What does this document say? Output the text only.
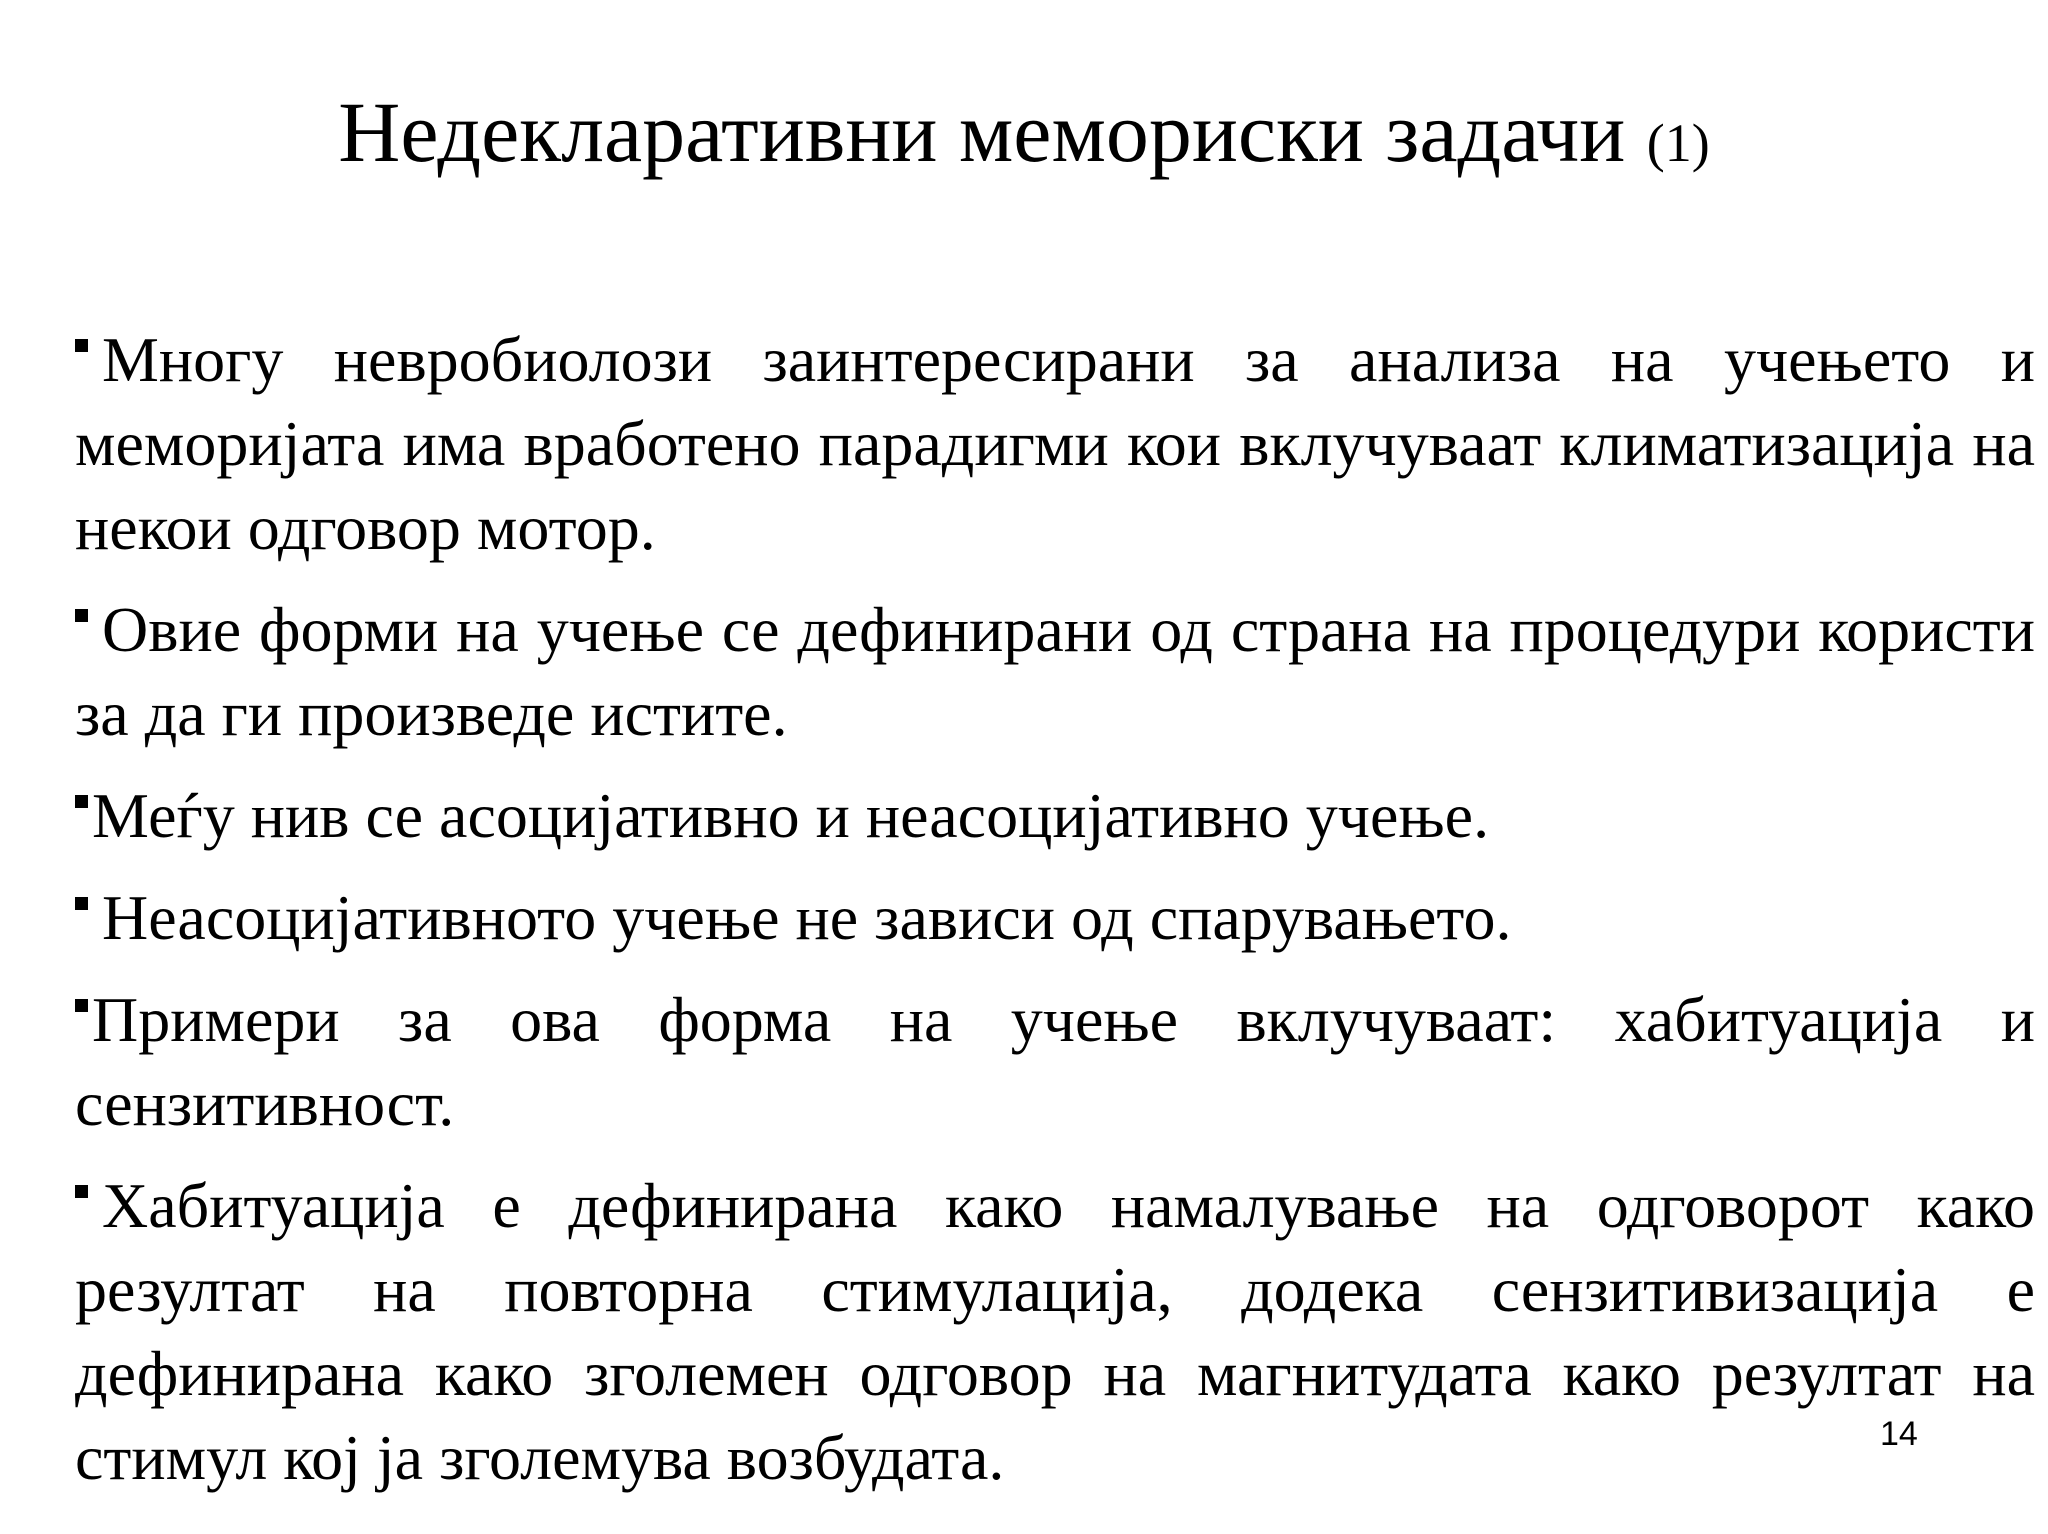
Недекларативни мемориски задачи (1)

Многу невробиолози заинтересирани за анализа на учењето и меморијата има вработено парадигми кои вклучуваат климатизација на некои одговор мотор.

Овие форми на учење се дефинирани од страна на процедури користи за да ги произведе истите.

Меѓу нив се асоцијативно и неасоцијативно учење.

Неасоцијативното учење не зависи од спарувањето.

Примери за ова форма на учење вклучуваат: хабитуација и сензитивност.

Хабитуација е дефинирана како намалување на одговорот како резултат на повторна стимулација, додека сензитивизација е дефинирана како зголемен одговор на магнитудата како резултат на стимул кој ја зголемува возбудата.	14
